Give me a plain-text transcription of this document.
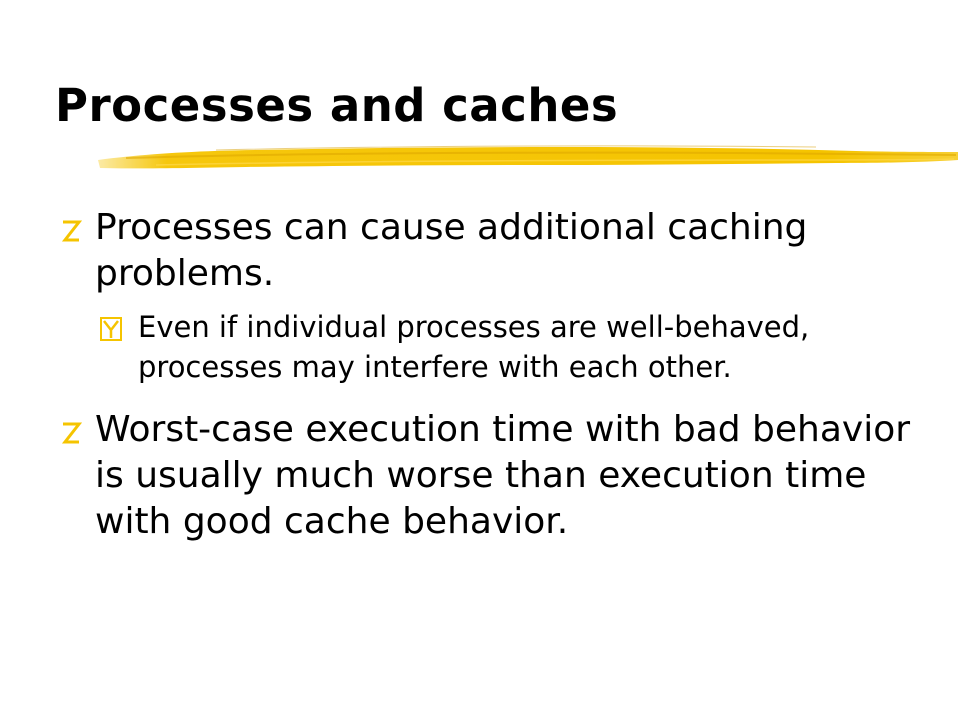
Processes and caches

Processes can cause additional caching problems.

Even if individual processes are well-behaved, processes may interfere with each other.

Worst-case execution time with bad behavior is usually much worse than execution time with good cache behavior.
